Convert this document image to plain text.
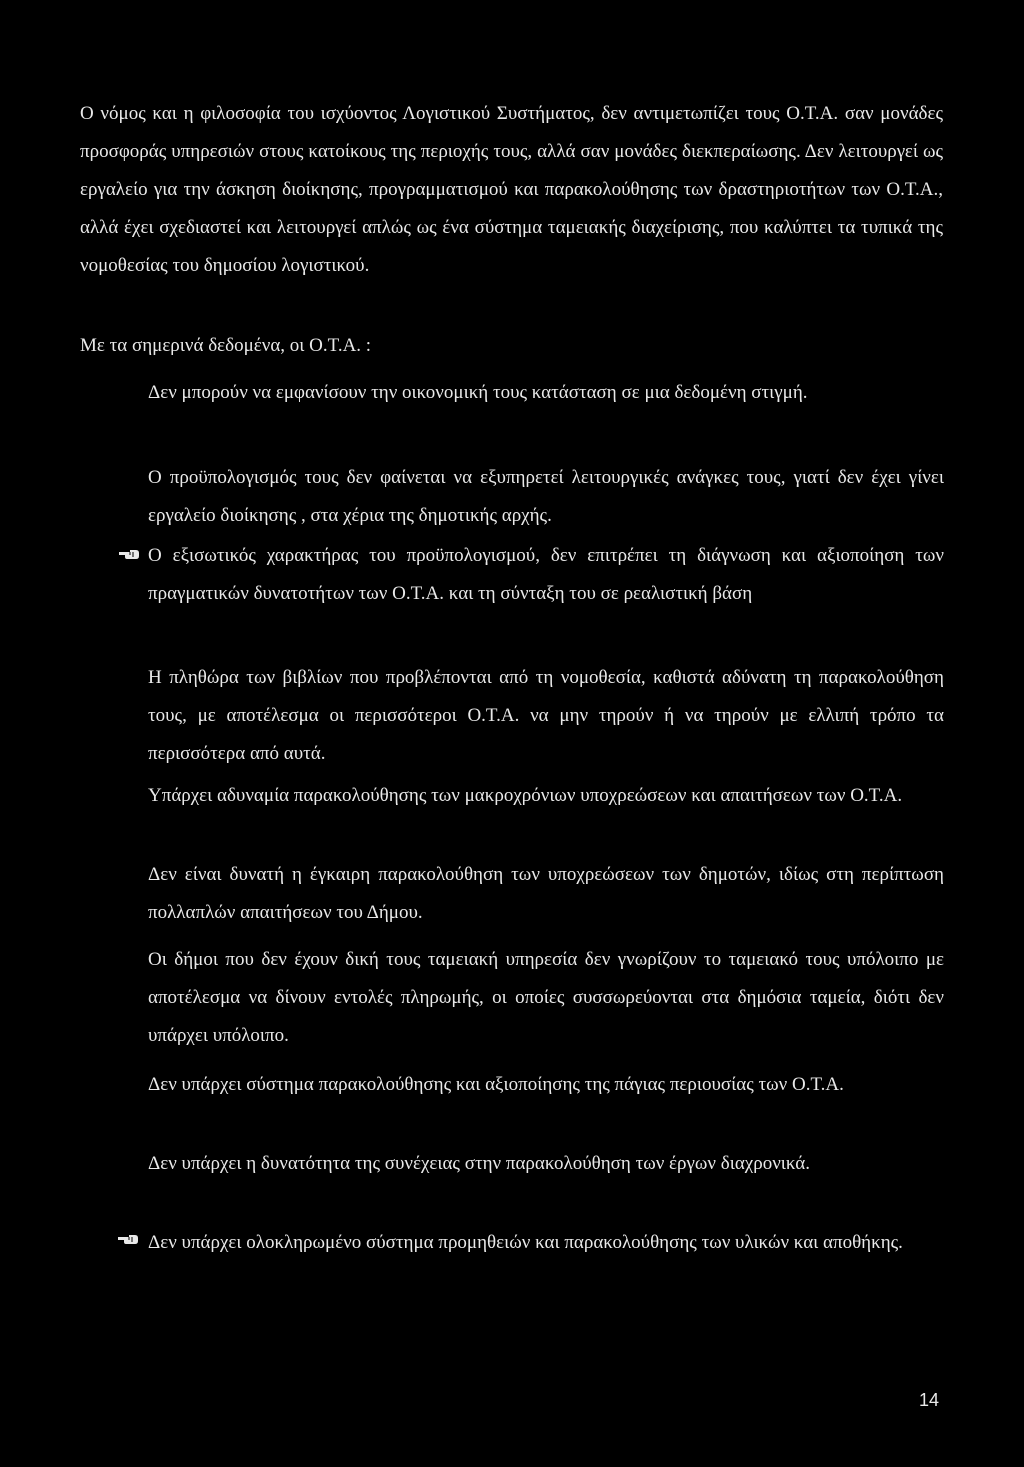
Ο νόμος και η φιλοσοφία του ισχύοντος Λογιστικού Συστήματος, δεν αντιμετωπίζει τους Ο.Τ.Α. σαν μονάδες προσφοράς υπηρεσιών στους κατοίκους της περιοχής τους, αλλά σαν μονάδες διεκπεραίωσης. Δεν λειτουργεί ως εργαλείο για την άσκηση διοίκησης, προγραμματισμού και παρακολούθησης των δραστηριοτήτων των Ο.Τ.Α., αλλά έχει σχεδιαστεί και λειτουργεί απλώς ως ένα σύστημα ταμειακής διαχείρισης, που καλύπτει τα τυπικά της νομοθεσίας του δημοσίου λογιστικού.

Με τα σημερινά δεδομένα, οι Ο.Τ.Α. :

Δεν μπορούν να εμφανίσουν την οικονομική τους κατάσταση σε μια δεδομένη στιγμή.

Ο προϋπολογισμός τους δεν φαίνεται να εξυπηρετεί λειτουργικές ανάγκες τους, γιατί δεν έχει γίνει εργαλείο διοίκησης , στα χέρια της δημοτικής αρχής.

Ο εξισωτικός χαρακτήρας του προϋπολογισμού, δεν επιτρέπει τη διάγνωση και αξιοποίηση των πραγματικών δυνατοτήτων των Ο.Τ.Α. και τη σύνταξη του σε ρεαλιστική βάση

Η πληθώρα των βιβλίων που προβλέπονται από τη νομοθεσία, καθιστά αδύνατη τη παρακολούθηση τους, με αποτέλεσμα οι περισσότεροι Ο.Τ.Α. να μην τηρούν ή να τηρούν με ελλιπή τρόπο τα περισσότερα από αυτά.

Υπάρχει αδυναμία παρακολούθησης των μακροχρόνιων υποχρεώσεων και απαιτήσεων των Ο.Τ.Α.

Δεν είναι δυνατή η έγκαιρη παρακολούθηση των υποχρεώσεων των δημοτών, ιδίως στη περίπτωση πολλαπλών απαιτήσεων του Δήμου.

Οι δήμοι που δεν έχουν δική τους ταμειακή υπηρεσία δεν γνωρίζουν το ταμειακό τους υπόλοιπο με αποτέλεσμα να δίνουν εντολές πληρωμής, οι οποίες συσσωρεύονται στα δημόσια ταμεία, διότι δεν υπάρχει υπόλοιπο.

Δεν υπάρχει σύστημα παρακολούθησης και αξιοποίησης της πάγιας περιουσίας των Ο.Τ.Α.

Δεν υπάρχει η δυνατότητα της συνέχειας στην παρακολούθηση των έργων διαχρονικά.

Δεν υπάρχει ολοκληρωμένο σύστημα προμηθειών και παρακολούθησης των υλικών και αποθήκης.

14
